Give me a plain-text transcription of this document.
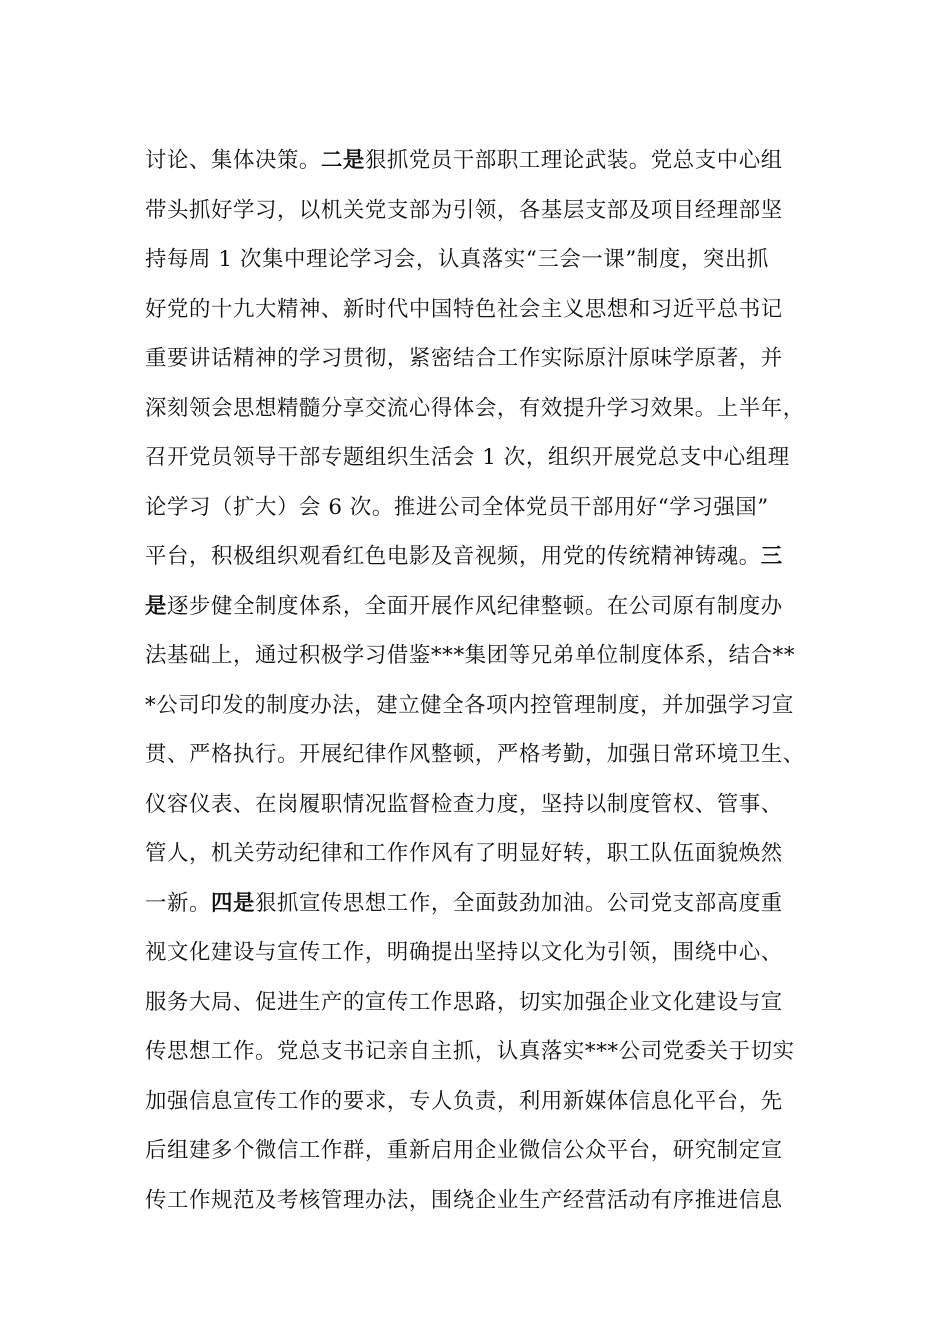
讨论、集体决策。二是狠抓党员干部职工理论武装。党总支中心组
带头抓好学习，以机关党支部为引领，各基层支部及项目经理部坚
持每周 1 次集中理论学习会，认真落实“三会一课”制度，突出抓
好党的十九大精神、新时代中国特色社会主义思想和习近平总书记
重要讲话精神的学习贯彻，紧密结合工作实际原汁原味学原著，并
深刻领会思想精髓分享交流心得体会，有效提升学习效果。上半年，
召开党员领导干部专题组织生活会 1 次，组织开展党总支中心组理
论学习（扩大）会 6 次。推进公司全体党员干部用好“学习强国”
平台，积极组织观看红色电影及音视频，用党的传统精神铸魂。三
是逐步健全制度体系，全面开展作风纪律整顿。在公司原有制度办
法基础上，通过积极学习借鉴***集团等兄弟单位制度体系，结合**
*公司印发的制度办法，建立健全各项内控管理制度，并加强学习宣
贯、严格执行。开展纪律作风整顿，严格考勤，加强日常环境卫生、
仪容仪表、在岗履职情况监督检查力度，坚持以制度管权、管事、
管人，机关劳动纪律和工作作风有了明显好转，职工队伍面貌焕然
一新。四是狠抓宣传思想工作，全面鼓劲加油。公司党支部高度重
视文化建设与宣传工作，明确提出坚持以文化为引领，围绕中心、
服务大局、促进生产的宣传工作思路，切实加强企业文化建设与宣
传思想工作。党总支书记亲自主抓，认真落实***公司党委关于切实
加强信息宣传工作的要求，专人负责，利用新媒体信息化平台，先
后组建多个微信工作群，重新启用企业微信公众平台，研究制定宣
传工作规范及考核管理办法，围绕企业生产经营活动有序推进信息
